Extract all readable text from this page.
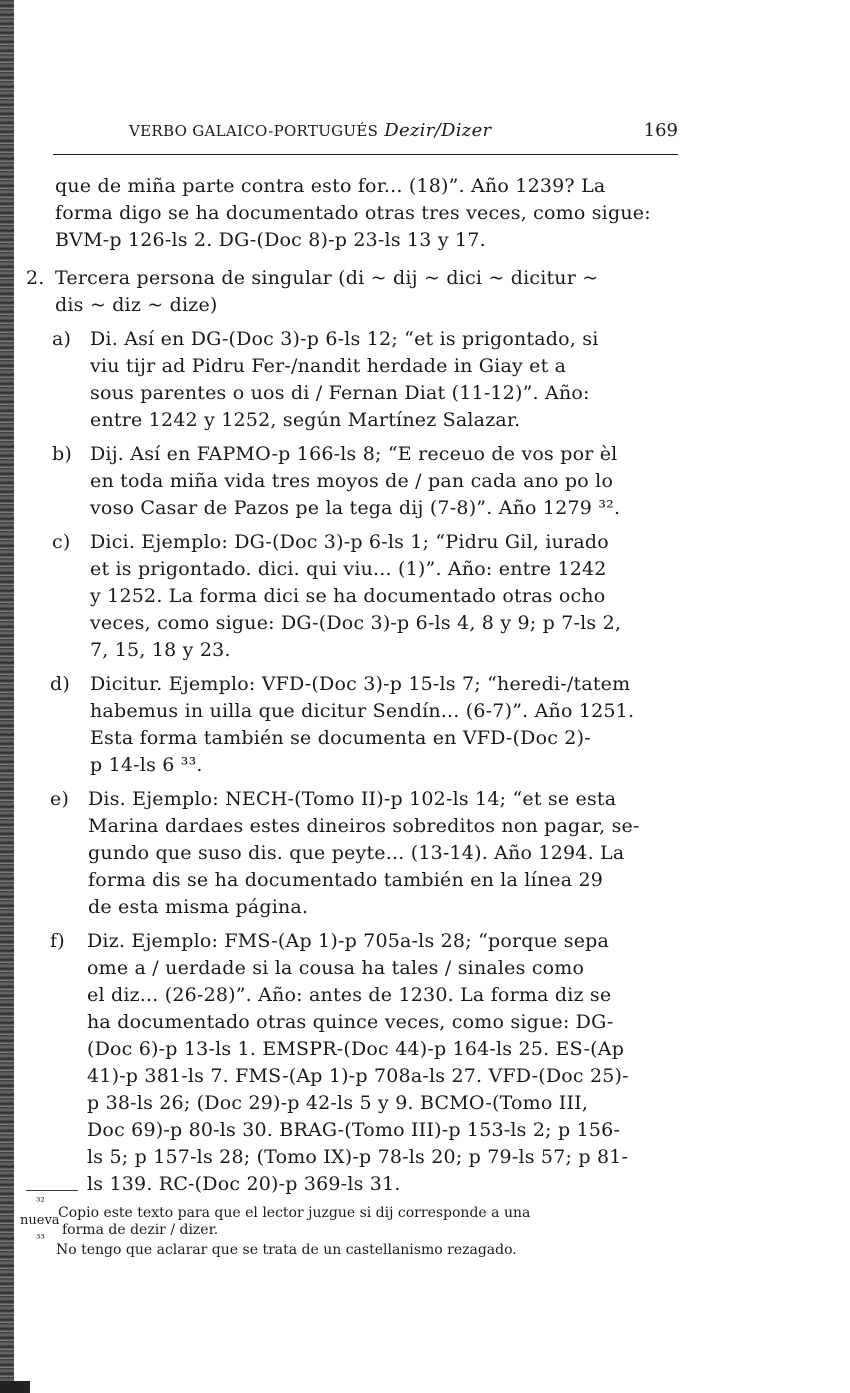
VERBO GALAICO-PORTUGUÉS Dezir/Dizer	169
que de miña parte contra esto for... (18)”. Año 1239? La
forma digo se ha documentado otras tres veces, como sigue:
BVM-p 126-ls 2. DG-(Doc 8)-p 23-ls 13 y 17.
2. Tercera persona de singular (di ~ dij ~ dici ~ dicitur ~
dis ~ diz ~ dize)
a) Di. Así en DG-(Doc 3)-p 6-ls 12; “et is prigontado, si
viu tijr ad Pidru Fer-/nandit herdade in Giay et a
sous parentes o uos di / Fernan Diat (11-12)”. Año:
entre 1242 y 1252, según Martínez Salazar.
b) Dij. Así en FAPMO-p 166-ls 8; “E receuo de vos por èl
en toda miña vida tres moyos de / pan cada ano po lo
voso Casar de Pazos pe la tega dij (7-8)”. Año 1279 ³².
c) Dici. Ejemplo: DG-(Doc 3)-p 6-ls 1; “Pidru Gil, iurado
et is prigontado. dici. qui viu... (1)”. Año: entre 1242
y 1252. La forma dici se ha documentado otras ocho
veces, como sigue: DG-(Doc 3)-p 6-ls 4, 8 y 9; p 7-ls 2,
7, 15, 18 y 23.
d) Dicitur. Ejemplo: VFD-(Doc 3)-p 15-ls 7; “heredi-/tatem
habemus in uilla que dicitur Sendín... (6-7)”. Año 1251.
Esta forma también se documenta en VFD-(Doc 2)-
p 14-ls 6 ³³.
e) Dis. Ejemplo: NECH-(Tomo II)-p 102-ls 14; “et se esta
Marina dardaes estes dineiros sobreditos non pagar, se-
gundo que suso dis. que peyte... (13-14). Año 1294. La
forma dis se ha documentado también en la línea 29
de esta misma página.
f) Diz. Ejemplo: FMS-(Ap 1)-p 705a-ls 28; “porque sepa
ome a / uerdade si la cousa ha tales / sinales como
el diz... (26-28)”. Año: antes de 1230. La forma diz se
ha documentado otras quince veces, como sigue: DG-
(Doc 6)-p 13-ls 1. EMSPR-(Doc 44)-p 164-ls 25. ES-(Ap
41)-p 381-ls 7. FMS-(Ap 1)-p 708a-ls 27. VFD-(Doc 25)-
p 38-ls 26; (Doc 29)-p 42-ls 5 y 9. BCMO-(Tomo III,
Doc 69)-p 80-ls 30. BRAG-(Tomo III)-p 153-ls 2; p 156-
ls 5; p 157-ls 28; (Tomo IX)-p 78-ls 20; p 79-ls 57; p 81-
ls 139. RC-(Doc 20)-p 369-ls 31.
³²
Copio este texto para que el lector juzgue si dij corresponde a una
nueva
forma de dezir / dizer.
³³
No tengo que aclarar que se trata de un castellanismo rezagado.
